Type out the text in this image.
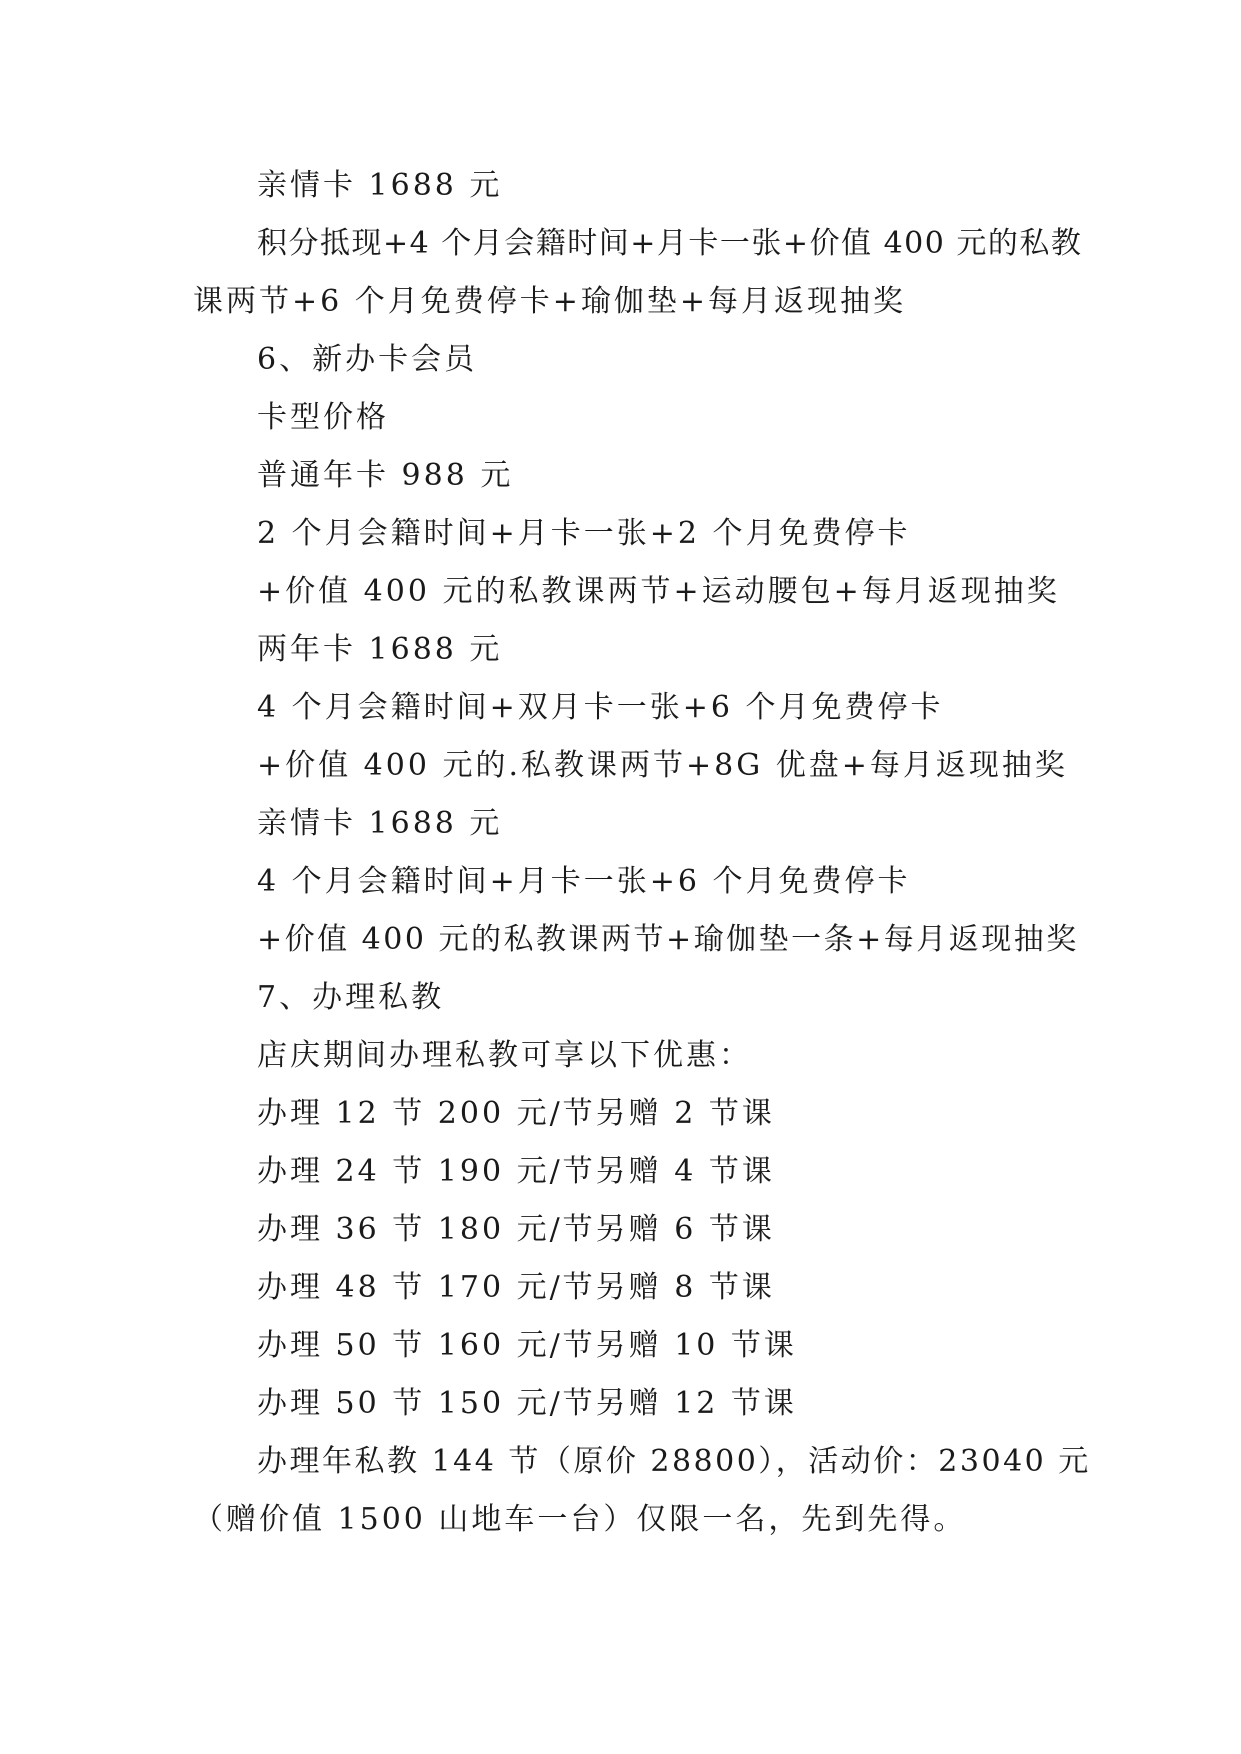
亲情卡 1688 元
积分抵现+4 个月会籍时间+月卡一张+价值 400 元的私教
课两节+6 个月免费停卡+瑜伽垫+每月返现抽奖
6、新办卡会员
卡型价格
普通年卡 988 元
2 个月会籍时间+月卡一张+2 个月免费停卡
+价值 400 元的私教课两节+运动腰包+每月返现抽奖
两年卡 1688 元
4 个月会籍时间+双月卡一张+6 个月免费停卡
+价值 400 元的.私教课两节+8G 优盘+每月返现抽奖
亲情卡 1688 元
4 个月会籍时间+月卡一张+6 个月免费停卡
+价值 400 元的私教课两节+瑜伽垫一条+每月返现抽奖
7、办理私教
店庆期间办理私教可享以下优惠：
办理 12 节 200 元/节另赠 2 节课
办理 24 节 190 元/节另赠 4 节课
办理 36 节 180 元/节另赠 6 节课
办理 48 节 170 元/节另赠 8 节课
办理 50 节 160 元/节另赠 10 节课
办理 50 节 150 元/节另赠 12 节课
办理年私教 144 节（原价 28800），活动价：23040 元
（赠价值 1500 山地车一台）仅限一名，先到先得。
